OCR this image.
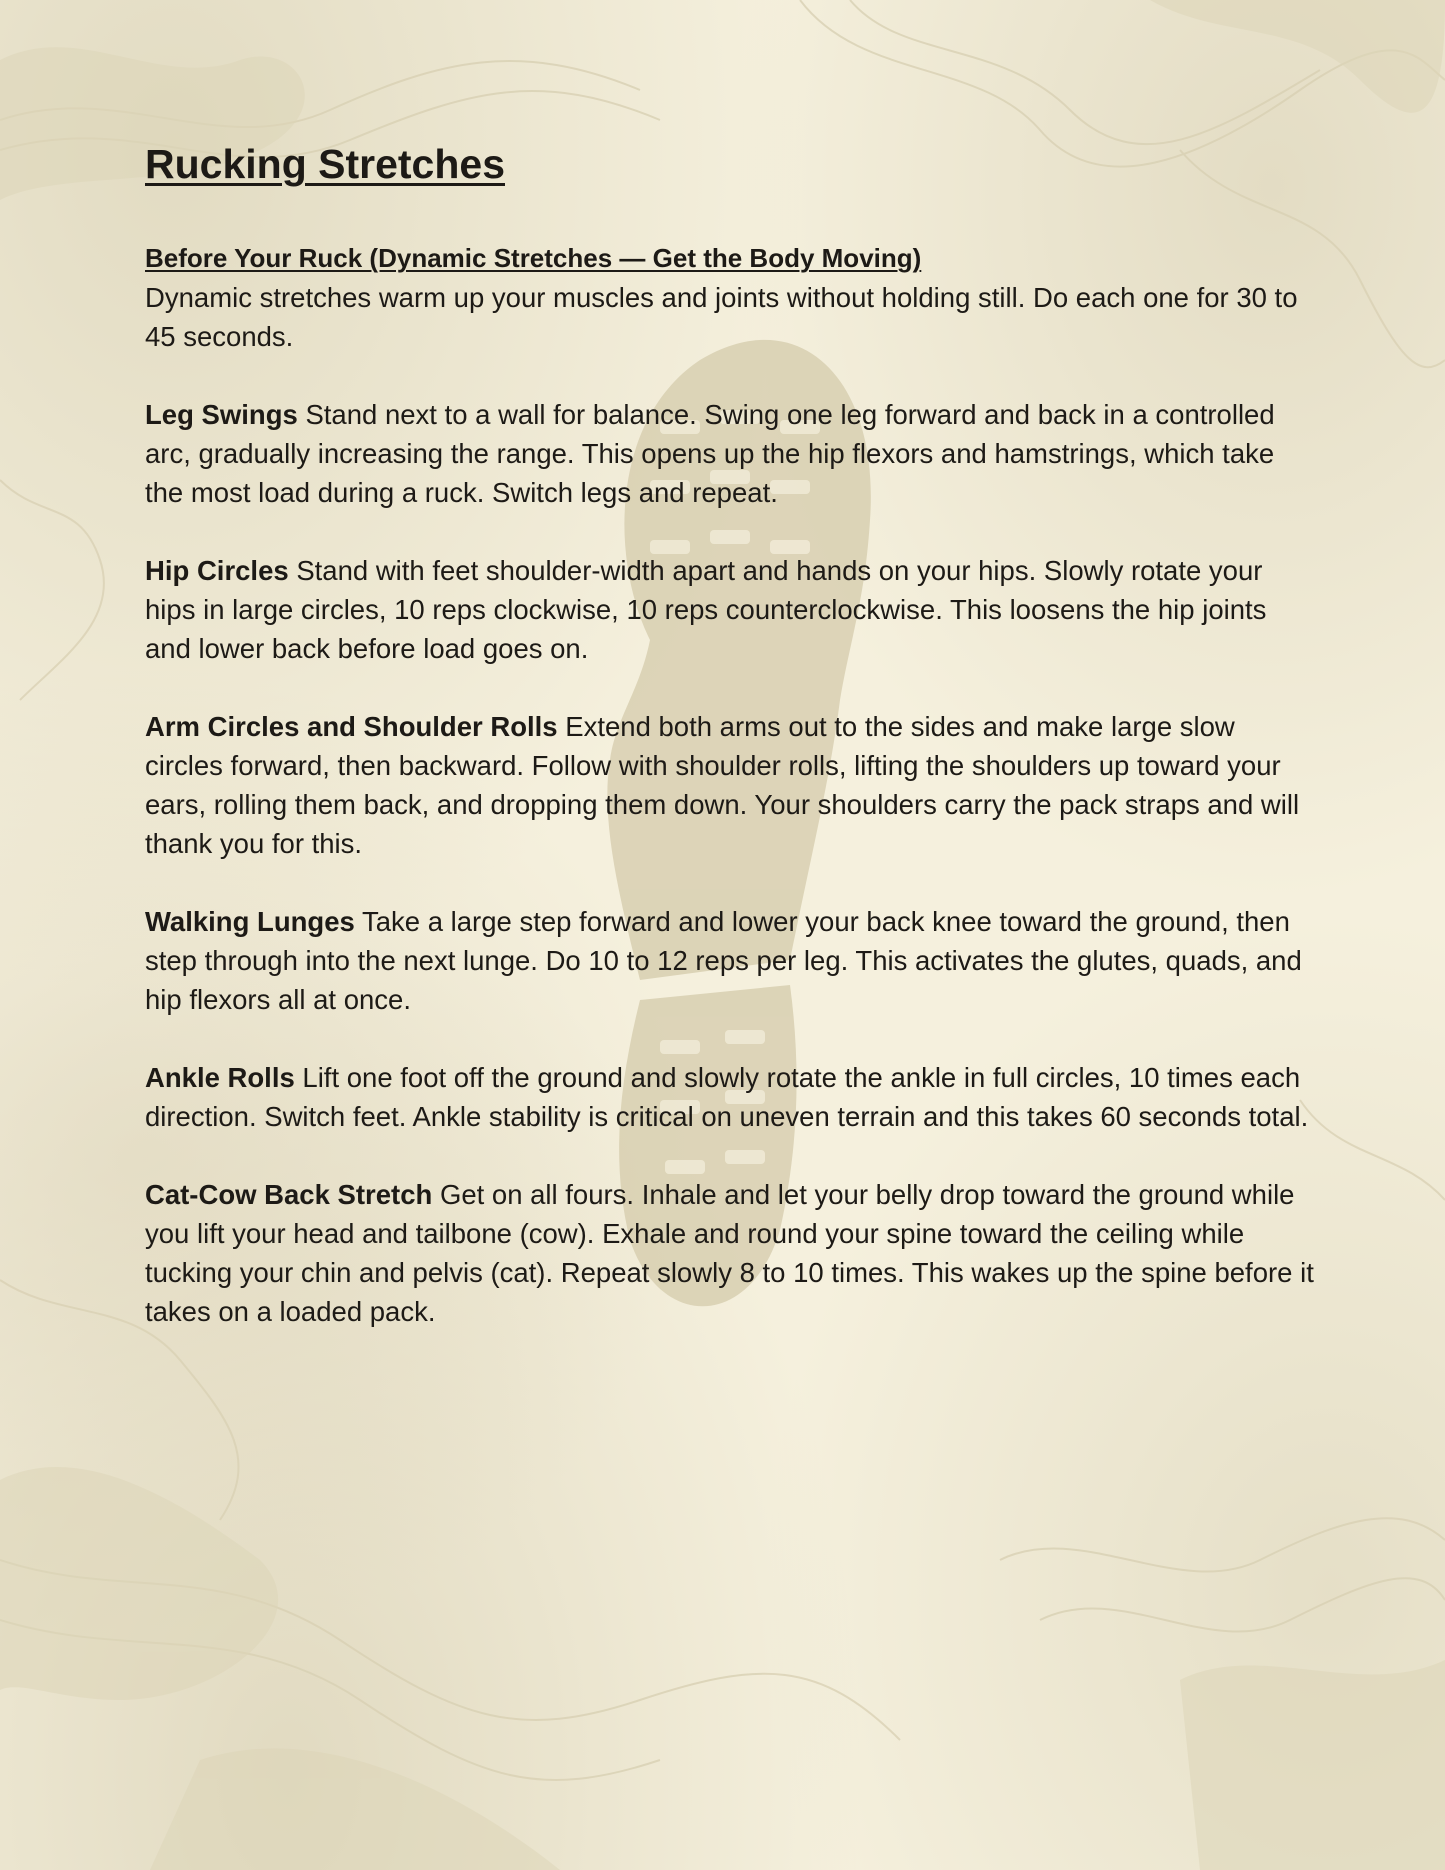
Rucking Stretches
Before Your Ruck (Dynamic Stretches — Get the Body Moving)

Dynamic stretches warm up your muscles and joints without holding still. Do each one for 30 to 45 seconds.

Leg Swings Stand next to a wall for balance. Swing one leg forward and back in a controlled arc, gradually increasing the range. This opens up the hip flexors and hamstrings, which take the most load during a ruck. Switch legs and repeat.

Hip Circles Stand with feet shoulder-width apart and hands on your hips. Slowly rotate your hips in large circles, 10 reps clockwise, 10 reps counterclockwise. This loosens the hip joints and lower back before load goes on.

Arm Circles and Shoulder Rolls Extend both arms out to the sides and make large slow circles forward, then backward. Follow with shoulder rolls, lifting the shoulders up toward your ears, rolling them back, and dropping them down. Your shoulders carry the pack straps and will thank you for this.

Walking Lunges Take a large step forward and lower your back knee toward the ground, then step through into the next lunge. Do 10 to 12 reps per leg. This activates the glutes, quads, and hip flexors all at once.

Ankle Rolls Lift one foot off the ground and slowly rotate the ankle in full circles, 10 times each direction. Switch feet. Ankle stability is critical on uneven terrain and this takes 60 seconds total.

Cat-Cow Back Stretch Get on all fours. Inhale and let your belly drop toward the ground while you lift your head and tailbone (cow). Exhale and round your spine toward the ceiling while tucking your chin and pelvis (cat). Repeat slowly 8 to 10 times. This wakes up the spine before it takes on a loaded pack.
